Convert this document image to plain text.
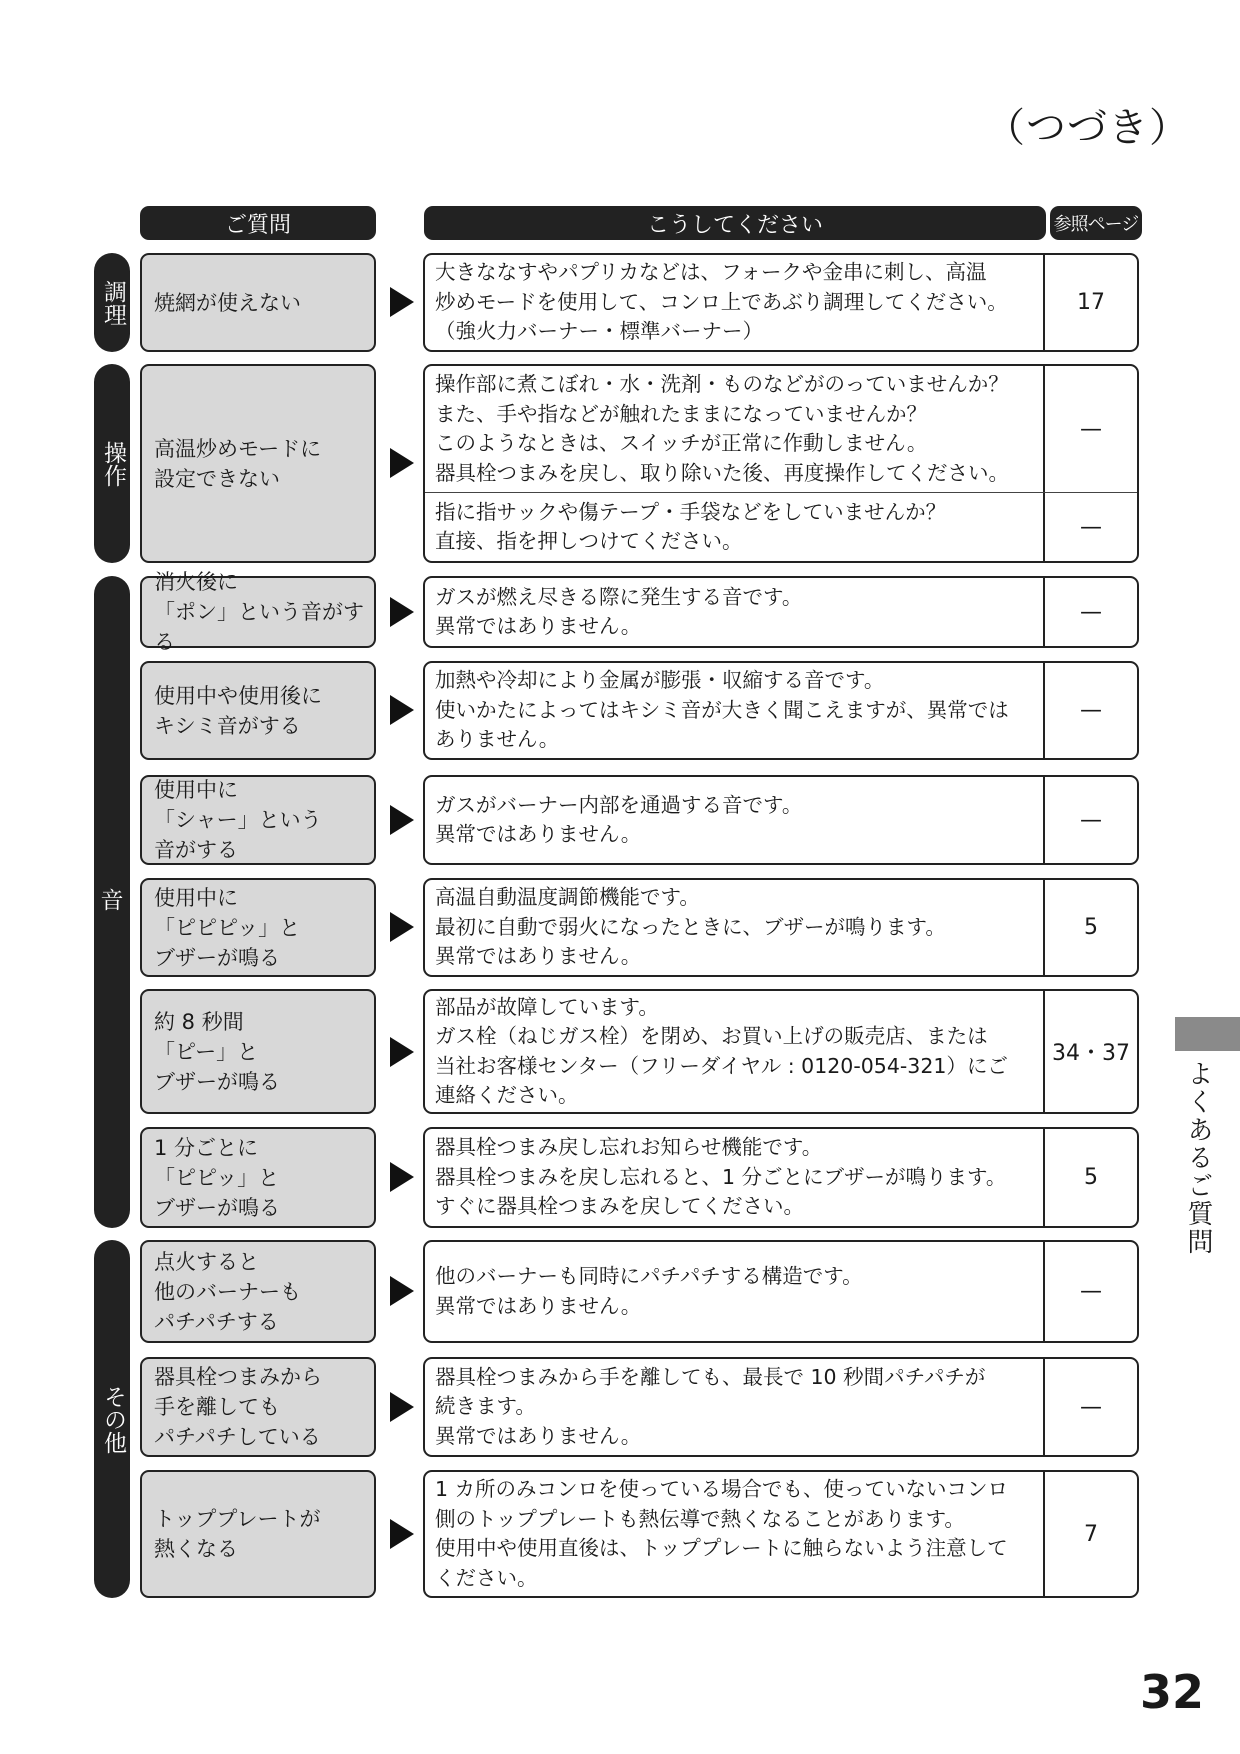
（つづき）
ご質問	こうしてください	参照ページ
調理
操作
音
その他
焼網が使えない
大きななすやパプリカなどは、フォークや金串に刺し、高温
炒めモードを使用して、コンロ上であぶり調理してください。
（強火力バーナー・標準バーナー）
17
高温炒めモードに
設定できない
操作部に煮こぼれ・水・洗剤・ものなどがのっていませんか？
また、手や指などが触れたままになっていませんか？
このようなときは、スイッチが正常に作動しません。
器具栓つまみを戻し、取り除いた後、再度操作してください。
—
指に指サックや傷テープ・手袋などをしていませんか？
直接、指を押しつけてください。
—
消火後に
「ポン」という音がする
ガスが燃え尽きる際に発生する音です。
異常ではありません。
—
使用中や使用後に
キシミ音がする
加熱や冷却により金属が膨張・収縮する音です。
使いかたによってはキシミ音が大きく聞こえますが、異常では
ありません。
—
使用中に
「シャー」という
音がする
ガスがバーナー内部を通過する音です。
異常ではありません。
—
使用中に
「ピピピッ」と
ブザーが鳴る
高温自動温度調節機能です。
最初に自動で弱火になったときに、ブザーが鳴ります。
異常ではありません。
5
約 8 秒間
「ピー」と
ブザーが鳴る
部品が故障しています。
ガス栓（ねじガス栓）を閉め、お買い上げの販売店、または
当社お客様センター（フリーダイヤル : 0120-054-321）にご
連絡ください。
34・37
1 分ごとに
「ピピッ」と
ブザーが鳴る
器具栓つまみ戻し忘れお知らせ機能です。
器具栓つまみを戻し忘れると、1 分ごとにブザーが鳴ります。
すぐに器具栓つまみを戻してください。
5
点火すると
他のバーナーも
パチパチする
他のバーナーも同時にパチパチする構造です。
異常ではありません。
—
器具栓つまみから
手を離しても
パチパチしている
器具栓つまみから手を離しても、最長で 10 秒間パチパチが
続きます。
異常ではありません。
—
トッププレートが
熱くなる
1 カ所のみコンロを使っている場合でも、使っていないコンロ
側のトッププレートも熱伝導で熱くなることがあります。
使用中や使用直後は、トッププレートに触らないよう注意して
ください。
7
よくあるご質問
32
